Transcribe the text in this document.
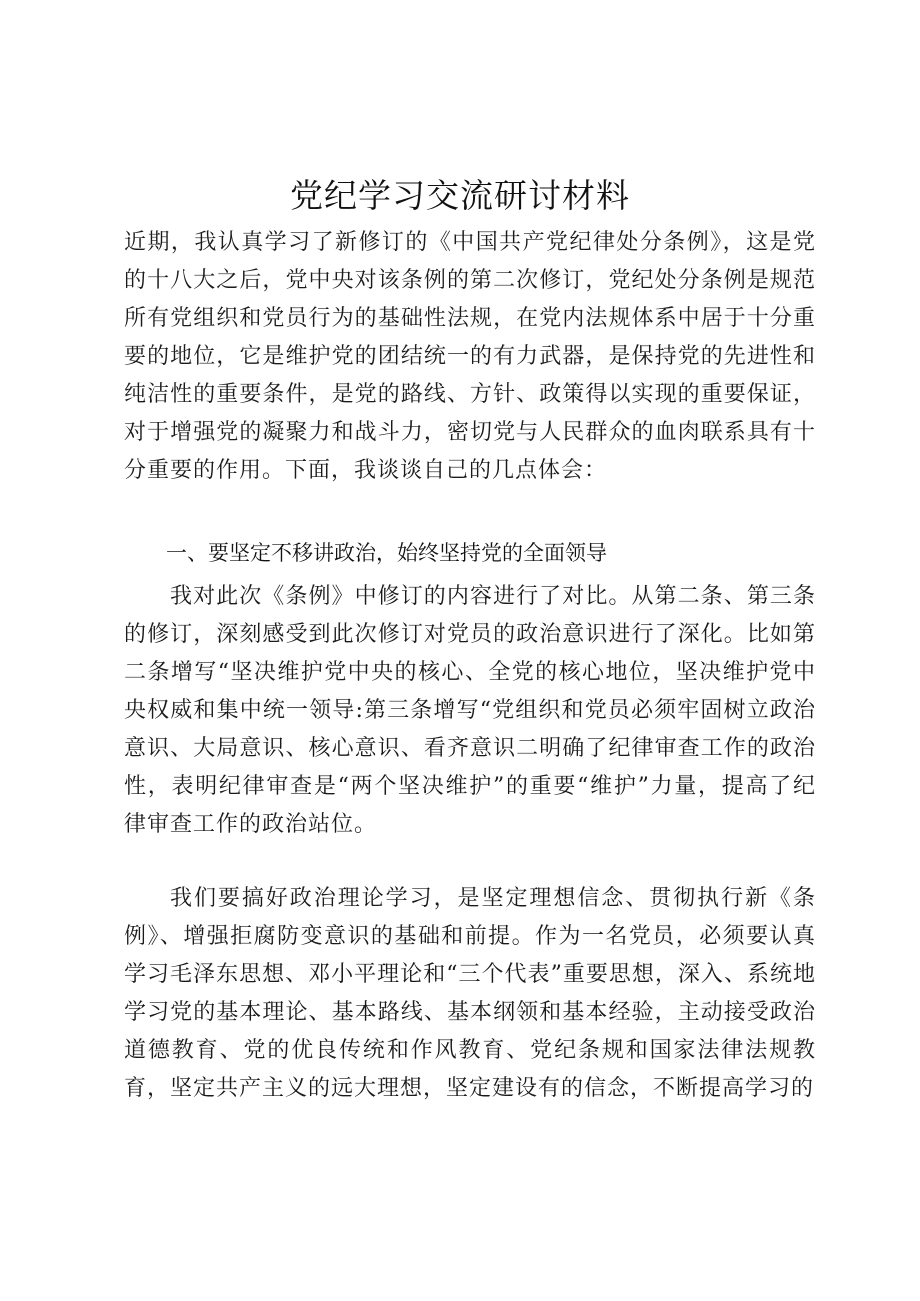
党纪学习交流研讨材料
近期，我认真学习了新修订的《中国共产党纪律处分条例》，这是党的十八大之后，党中央对该条例的第二次修订，党纪处分条例是规范所有党组织和党员行为的基础性法规，在党内法规体系中居于十分重要的地位，它是维护党的团结统一的有力武器，是保持党的先进性和纯洁性的重要条件，是党的路线、方针、政策得以实现的重要保证，对于增强党的凝聚力和战斗力，密切党与人民群众的血肉联系具有十分重要的作用。下面，我谈谈自己的几点体会：
一、要坚定不移讲政治，始终坚持党的全面领导
我对此次《条例》中修订的内容进行了对比。从第二条、第三条的修订，深刻感受到此次修订对党员的政治意识进行了深化。比如第二条增写“坚决维护党中央的核心、全党的核心地位，坚决维护党中央权威和集中统一领导:第三条增写“党组织和党员必须牢固树立政治意识、大局意识、核心意识、看齐意识二明确了纪律审查工作的政治性，表明纪律审查是“两个坚决维护”的重要“维护”力量，提高了纪律审查工作的政治站位。
我们要搞好政治理论学习，是坚定理想信念、贯彻执行新《条例》、增强拒腐防变意识的基础和前提。作为一名党员，必须要认真学习毛泽东思想、邓小平理论和“三个代表”重要思想，深入、系统地学习党的基本理论、基本路线、基本纲领和基本经验，主动接受政治道德教育、党的优良传统和作风教育、党纪条规和国家法律法规教育，坚定共产主义的远大理想，坚定建设有的信念，不断提高学习的
